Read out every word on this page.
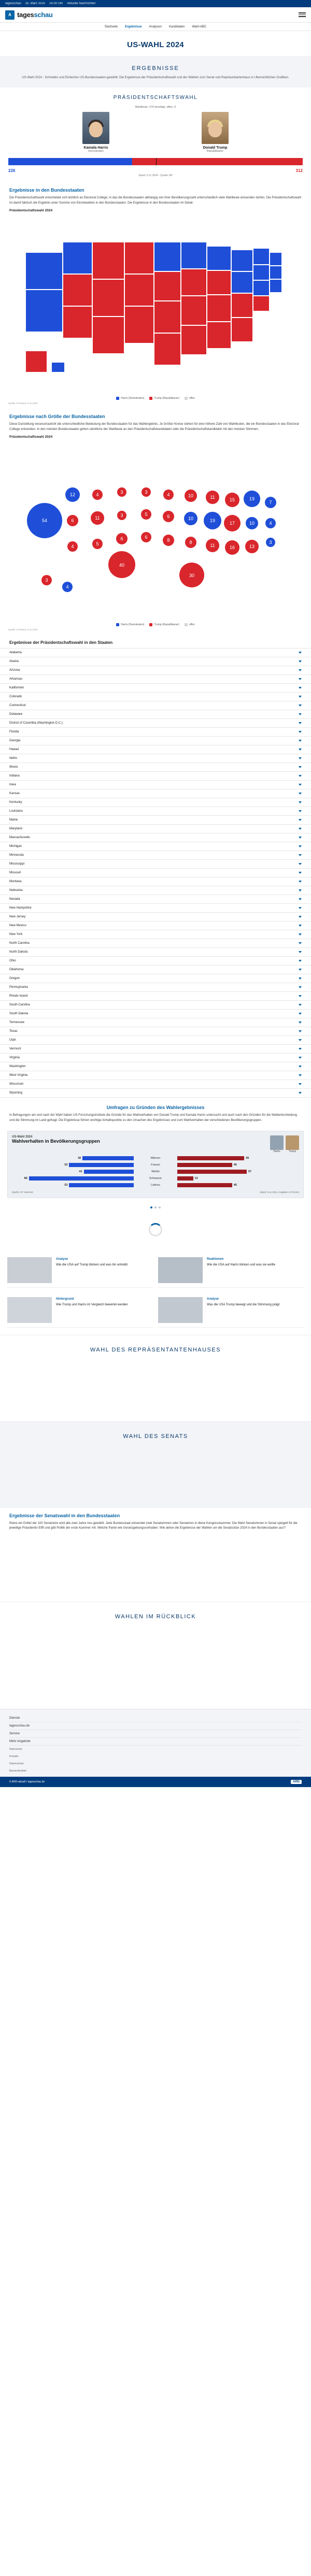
tagesschau 25. März 2025 14:30 Uhr Aktuelle Nachrichten
A tagesschau
Startseite Ergebnisse Analysen Kandidaten Wahl-ABC
US-WAHL 2024
ERGEBNISSE

US-Wahl 2024 - Schnelles und Einfaches US-Bundesstaaten-gewählt: Die Ergebnisse der Präsidentschaftswahl und der Wahlen zum Senat und Repräsentantenhaus in Ubersichtlichen Grafiken.

PRÄSIDENTSCHAFTSWAHL
Wahlleute: 270 benötigt, offen: 0
Kamala Harris
Demokraten
Donald Trump
Republikaner
226	312
Stand: 6.11.2024 - Quelle: AP
Ergebnisse in den Bundesstaaten

Die Präsidentschaftswahl entscheidet sich letztlich an Electoral College, in das die Bundesstaaten abhängig von ihrer Bevölkerungszahl unterschiedlich viele Wahlleute entsenden dürfen. Die Präsidentschaftswahl ist damit faktisch die Ergebnis einer Summe von Einzelwahlen in den Bundesstaaten. Die Ergebnisse in den Bundesstaaten im Detail.

Präsidentschaftswahl 2024
Harris (Demokraten)	Trump (Republikaner)	offen
Quelle: AP/Stand: 6.11.2024
Ergebnisse nach Größe der Bundesstaaten

Diese Darstellung veranschaulicht die unterschiedliche Bedeutung der Bundesstaaten für das Wahlergebnis. Je Größer Kreise stehen für eine höhere Zahl von Wahlleuten, die ein Bundesstaaten in das Electoral College entsenden. In den meisten Bundesstaaten gehen sämtliche der Wahlleute an den Präsidentschaftskandidaten oder die Präsidentschaftskandidatin mit den meisten Stimmen.

Präsidentschaftswahl 2024
54
12
6
4
4
11
5
3
3
6
40
3
5
6
4
6
8
10
10
8
11
19
11
15
17
16
19
10
13
7
4
3
3
4
30
Harris (Demokraten)	Trump (Republikaner)	offen
Quelle: AP/Stand: 6.11.2024
Ergebnisse der Präsidentschaftswahl in den Staaten
Alabama
Alaska
Arizona
Arkansas
Kalifornien
Colorado
Connecticut
Delaware
District of Columbia (Washington D.C.)
Florida
Georgia
Hawaii
Idaho
Illinois
Indiana
Iowa
Kansas
Kentucky
Louisiana
Maine
Maryland
Massachusetts
Michigan
Minnesota
Mississippi
Missouri
Montana
Nebraska
Nevada
New Hampshire
New Jersey
New Mexico
New York
North Carolina
North Dakota
Ohio
Oklahoma
Oregon
Pennsylvania
Rhode Island
South Carolina
South Dakota
Tennessee
Texas
Utah
Vermont
Virginia
Washington
West Virginia
Wisconsin
Wyoming
Umfragen zu Gründen des Wahlergebnisses

In Befragungen am und nach der Wahl haben US-Forschungsinstitute die Gründe für das Wahlverhalten von Donald Trump und Kamala Harris untersucht und auch nach den Gründen für die Wahlentscheidung und die Stimmung im Land gefragt. Die Ergebnisse führen wichtige Anhaltspunkte zu den Ursachen des Ergebnisses und zum Wahlverhalten der verschiedenen Bevölkerungsgruppen.

US-Wahl 2024
Wahlverhalten in Bevölkerungsgruppen
Harris	Trump
42	Männer	55
53	Frauen	45
41	Weiße	57
86	Schwarze	13
53	Latinos	45
Quelle: AP VoteCast	Stand: 6.11.2024, Angaben in Prozent
Analyse
Wie die USA auf Trump blicken und was ihn antreibt
Reaktionen
Wie die USA auf Harris blicken und was sie wollte
Hintergrund
Wie Trump und Harris im Vergleich bewertet werden
Analyse
Was die USA Trump bewegt und die Stimmung prägt
WAHL DES REPRÄSENTANTENHAUSES
WAHL DES SENATS
Ergebnisse der Senatswahl in den Bundesstaaten

Reine ein Drittel der 100 Senatsitze wird alle zwei Jahre neu gewählt. Jede Bundesstaat entsendet zwei Senatorinnen oder Senatoren in diese Kongresskammer. Die Wahl Senatorinnen in Senat spiegelt für die jeweilige Präsidentin Eifft und gibt Politik der erste Kammer mit. Welche Partei wie Gesetzgebungsvorhaben. Wie aktive die Ergebnisse der Wahlen um die Senatssitze 2024 in den Bundesstaaten aus?

WAHLEN IM RÜCKBLICK
Dienste
tagesschau.de
Service
Mehr Angebote
Impressum
Kontakt
Datenschutz
Barrierefreiheit
© ARD-aktuell / tagesschau.de	ARD
